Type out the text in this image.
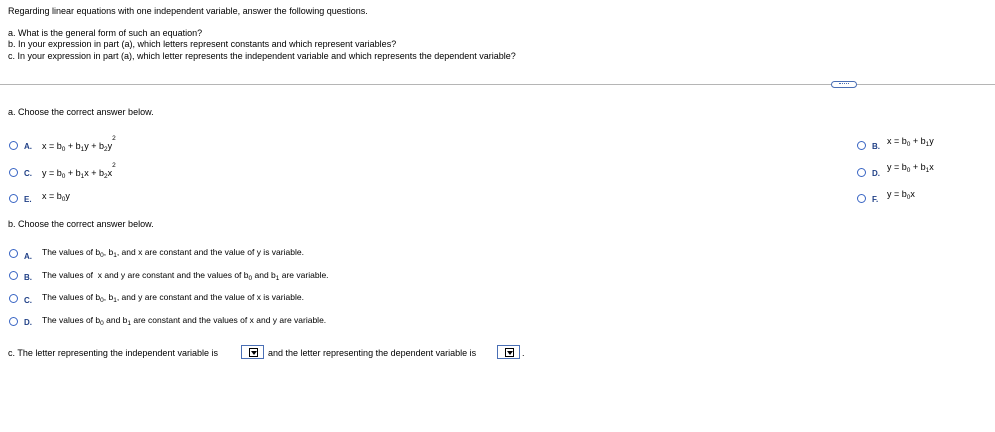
Regarding linear equations with one independent variable, answer the following questions.
a. What is the general form of such an equation?
b. In your expression in part (a), which letters represent constants and which represent variables?
c. In your expression in part (a), which letter represents the independent variable and which represents the dependent variable?
a. Choose the correct answer below.
A. $x = b_0 + b_1y + b_2y^2$
B.
$x = b_0 + b_1y$
C. $y = b_0 + b_1x + b_2x^2$
D.
$y = b_0 + b_1x$
E. $x = b_0y$	F.
$y = b_0x$
b. Choose the correct answer below.
A. The values of $b_0$, $b_1$, and x are constant and the value of y is variable.
B. The values of  x and y are constant and the values of $b_0$ and $b_1$ are variable.
C. The values of $b_0$, $b_1$, and y are constant and the value of x is variable.
D. The values of $b_0$ and $b_1$ are constant and the values of x and y are variable.
c. The letter representing the independent variable is	and the letter representing the dependent variable is	.
